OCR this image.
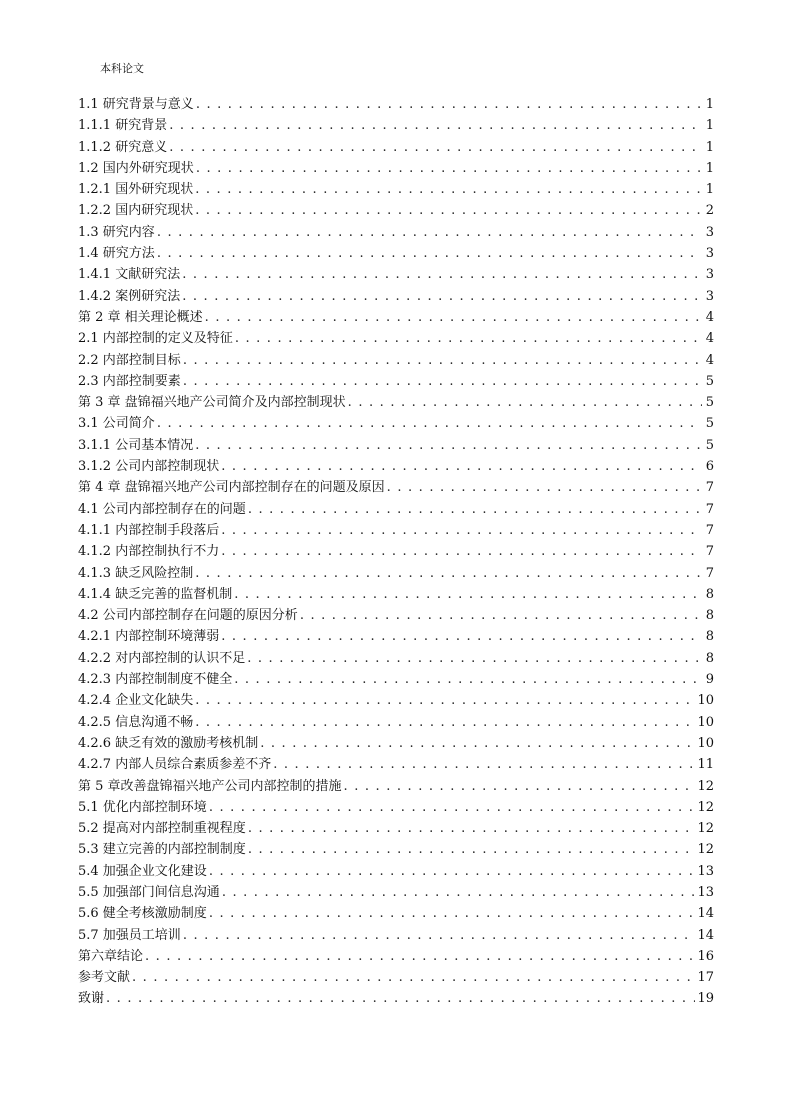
本科论文
1.1 研究背景与意义 . . .	1
1.1.1 研究背景 . . .	1
1.1.2 研究意义 . . .	1
1.2 国内外研究现状 . . .	1
1.2.1 国外研究现状 . . .	1
1.2.2 国内研究现状 . . .	2
1.3 研究内容 . . .	3
1.4 研究方法 . . .	3
1.4.1 文献研究法 . . .	3
1.4.2 案例研究法 . . .	3
第 2 章 相关理论概述 . . .	4
2.1 内部控制的定义及特征 . . .	4
2.2 内部控制目标 . . .	4
2.3 内部控制要素 . . .	5
第 3 章 盘锦福兴地产公司简介及内部控制现状 . . .	5
3.1 公司简介 . . .	5
3.1.1 公司基本情况 . . .	5
3.1.2 公司内部控制现状 . . .	6
第 4 章 盘锦福兴地产公司内部控制存在的问题及原因 . . .	7
4.1 公司内部控制存在的问题 . . .	7
4.1.1 内部控制手段落后 . . .	7
4.1.2 内部控制执行不力 . . .	7
4.1.3 缺乏风险控制 . . .	7
4.1.4 缺乏完善的监督机制 . . .	8
4.2 公司内部控制存在问题的原因分析 . . .	8
4.2.1 内部控制环境薄弱 . . .	8
4.2.2 对内部控制的认识不足 . . .	8
4.2.3 内部控制制度不健全 . . .	9
4.2.4 企业文化缺失 . . .	10
4.2.5 信息沟通不畅 . . .	10
4.2.6 缺乏有效的激励考核机制 . . .	10
4.2.7 内部人员综合素质参差不齐 . . .	11
第 5 章改善盘锦福兴地产公司内部控制的措施 . . .	12
5.1 优化内部控制环境 . . .	12
5.2 提高对内部控制重视程度 . . .	12
5.3 建立完善的内部控制制度 . . .	12
5.4 加强企业文化建设 . . .	13
5.5 加强部门间信息沟通 . . .	13
5.6 健全考核激励制度 . . .	14
5.7 加强员工培训 . . .	14
第六章结论 . . .	16
参考文献 . . .	17
致谢 . . .	19
